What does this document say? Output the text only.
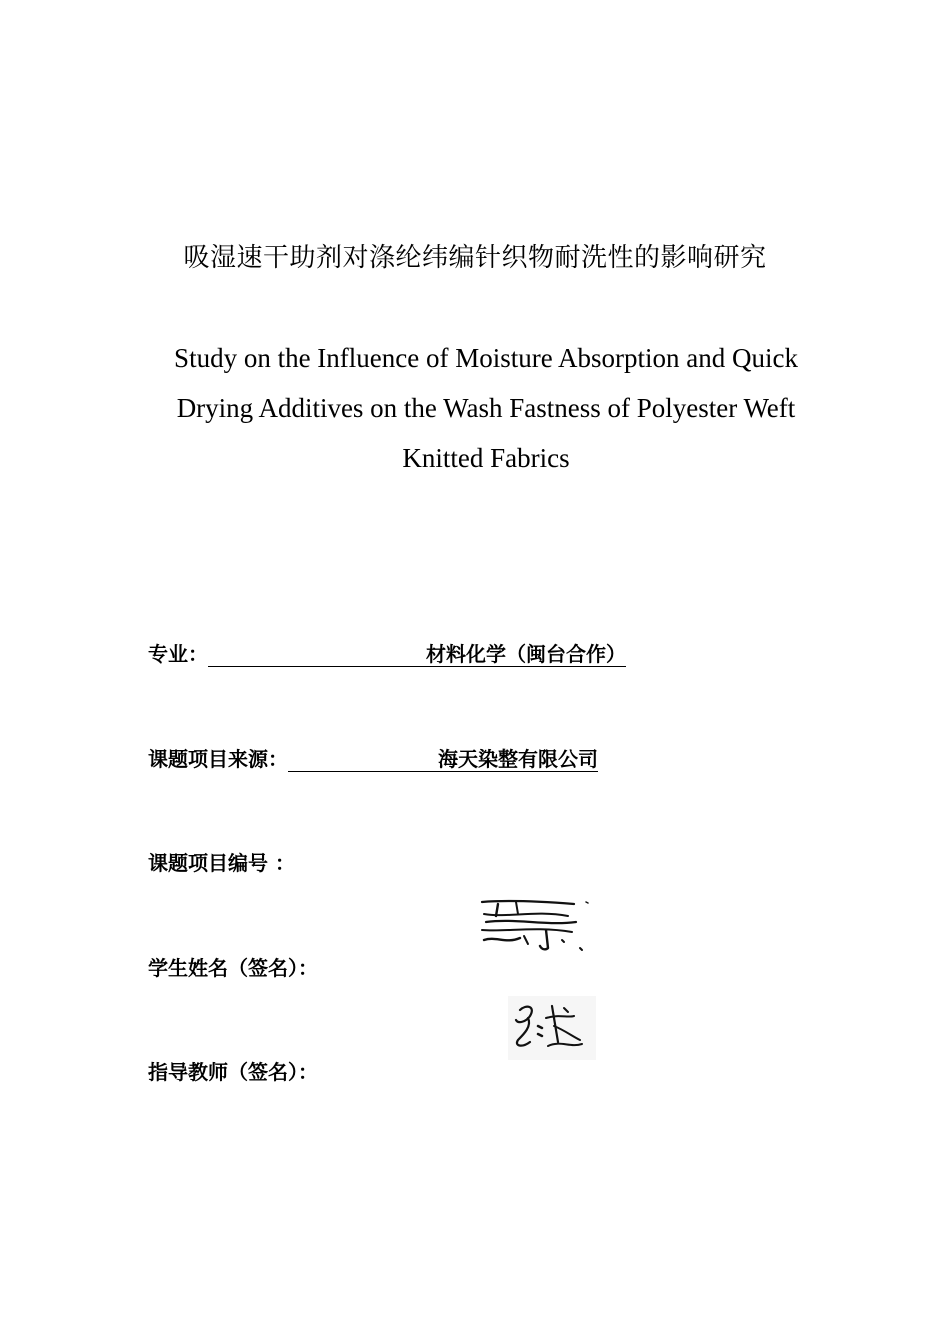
吸湿速干助剂对涤纶纬编针织物耐洗性的影响研究
Study on the Influence of Moisture Absorption and Quick Drying Additives on the Wash Fastness of Polyester Weft Knitted Fabrics
专业：	材料化学（闽台合作）
课题项目来源：	海天染整有限公司
课题项目编号 ：
学生姓名（签名）：
指导教师（签名）：
